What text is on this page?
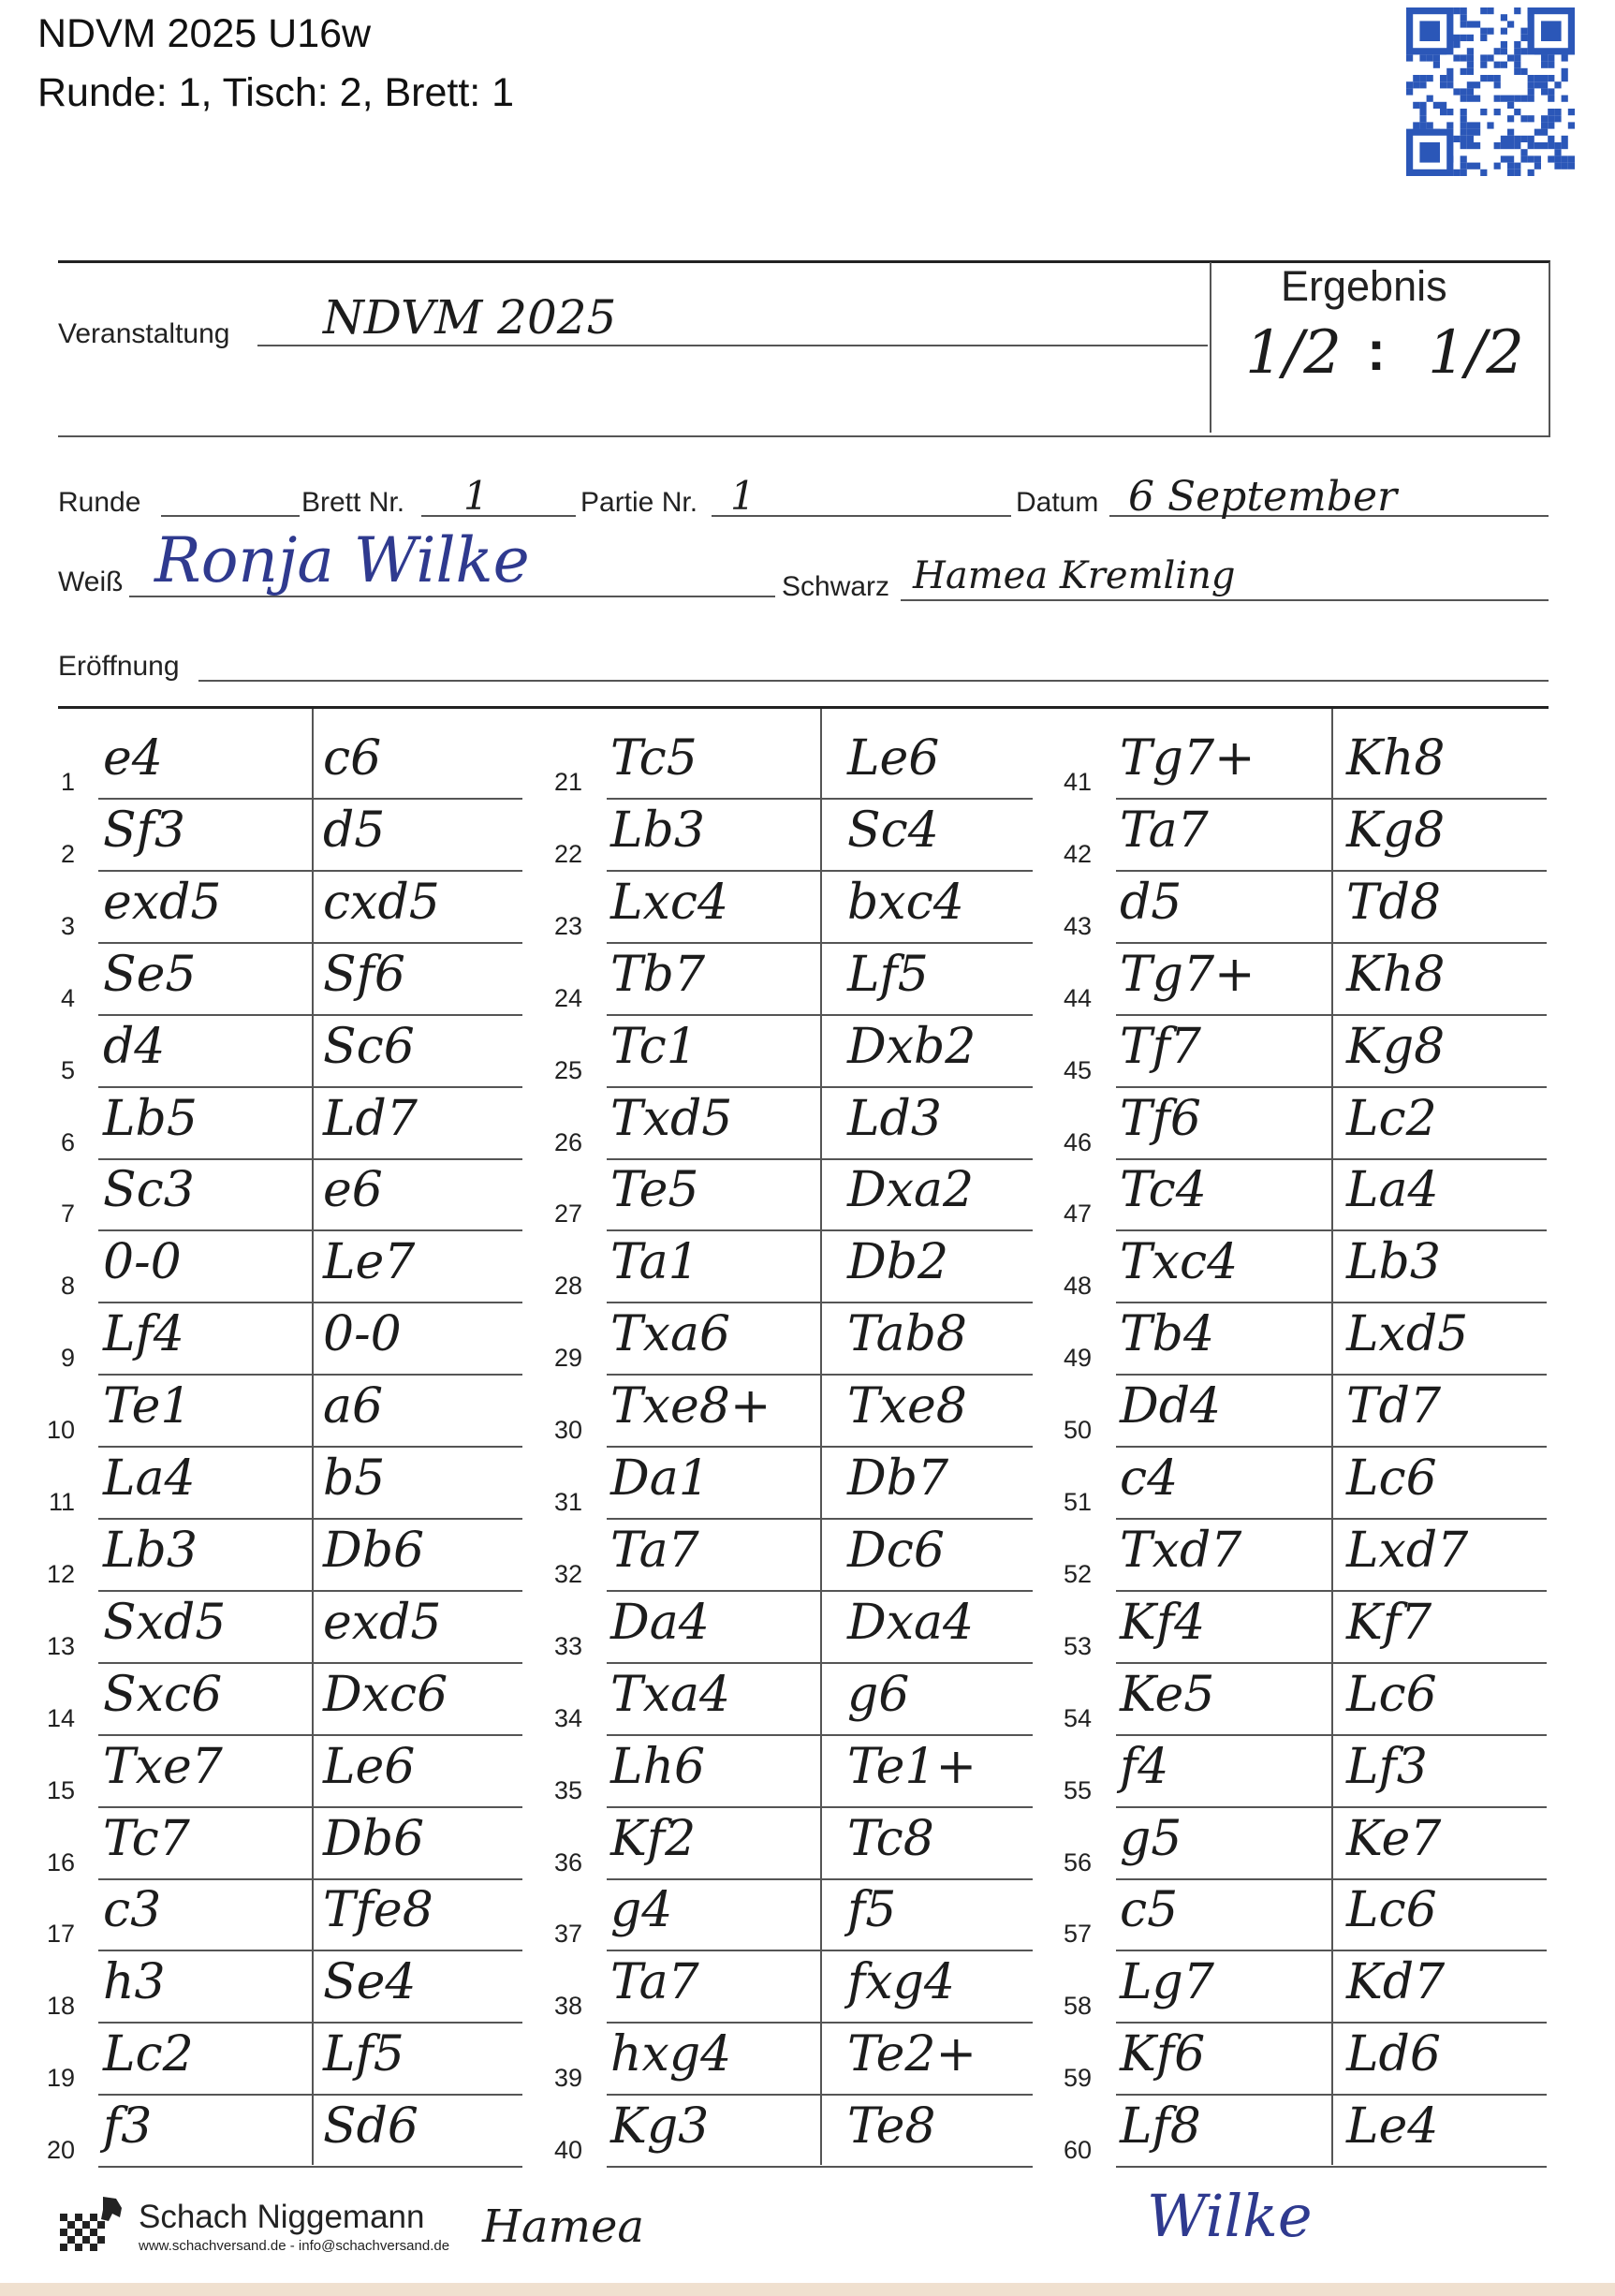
NDVM 2025 U16w
Runde: 1, Tisch: 2, Brett: 1
Veranstaltung NDVM 2025
Ergebnis
1/2 : 1/2
Runde	Brett Nr. 1	Partie Nr. 1	Datum 6 September
Weiß Ronja Wilke	Schwarz Hamea Kremling
Eröffnung
Schach Niggemann
www.schachversand.de - info@schachversand.de Hamea	Wilke
1 e4	c6
2 Sf3	d5
3 exd5 cxd5
4 Se5	Sf6
5 d4	Sc6
6 Lb5	Ld7
7 Sc3	e6
8 0-0	Le7
9 Lf4	0-0
10 Te1	a6
11 La4	b5
12 Lb3	Db6
13 Sxd5 exd5
14 Sxc6 Dxc6
15 Txe7 Le6
16 Tc7	Db6
17 c3	Tfe8
18 h3	Se4
19 Lc2	Lf5
20 f3	Sd6
21 Tc5	Le6
22 Lb3	Sc4
23 Lxc4 bxc4
24 Tb7	Lf5
25 Tc1	Dxb2
26 Txd5 Ld3
27 Te5	Dxa2
28 Ta1	Db2
29 Txa6 Tab8
30 Txe8+ Txe8
31 Da1	Db7
32 Ta7	Dc6
33 Da4	Dxa4
34 Txa4 g6
35 Lh6	Te1+
36 Kf2	Tc8
37 g4	f5
38 Ta7	fxg4
39 hxg4 Te2+
40 Kg3	Te8
41 Tg7+ Kh8
42 Ta7	Kg8
43 d5	Td8
44 Tg7+ Kh8
45 Tf7	Kg8
46 Tf6	Lc2
47 Tc4	La4
48 Txc4 Lb3
49 Tb4	Lxd5
50 Dd4	Td7
51 c4	Lc6
52 Txd7 Lxd7
53 Kf4	Kf7
54 Ke5	Lc6
55 f4	Lf3
56 g5	Ke7
57 c5	Lc6
58 Lg7	Kd7
59 Kf6	Ld6
60 Lf8	Le4
